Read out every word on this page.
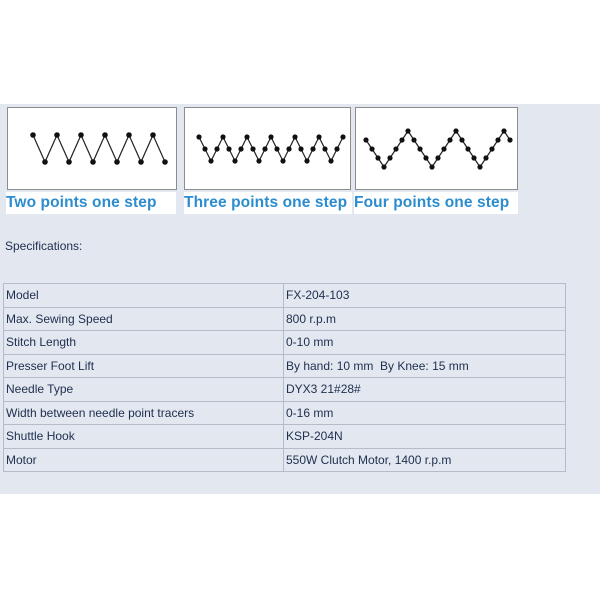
Two points one step	Three points one step Four points one step
Specifications:
Model	FX-204-103
Max. Sewing Speed	800 r.p.m
Stitch Length	0-10 mm
Presser Foot Lift	By hand: 10 mm  By Knee: 15 mm
Needle Type	DYX3 21#28#
Width between needle point tracers	0-16 mm
Shuttle Hook	KSP-204N
Motor	550W Clutch Motor, 1400 r.p.m
